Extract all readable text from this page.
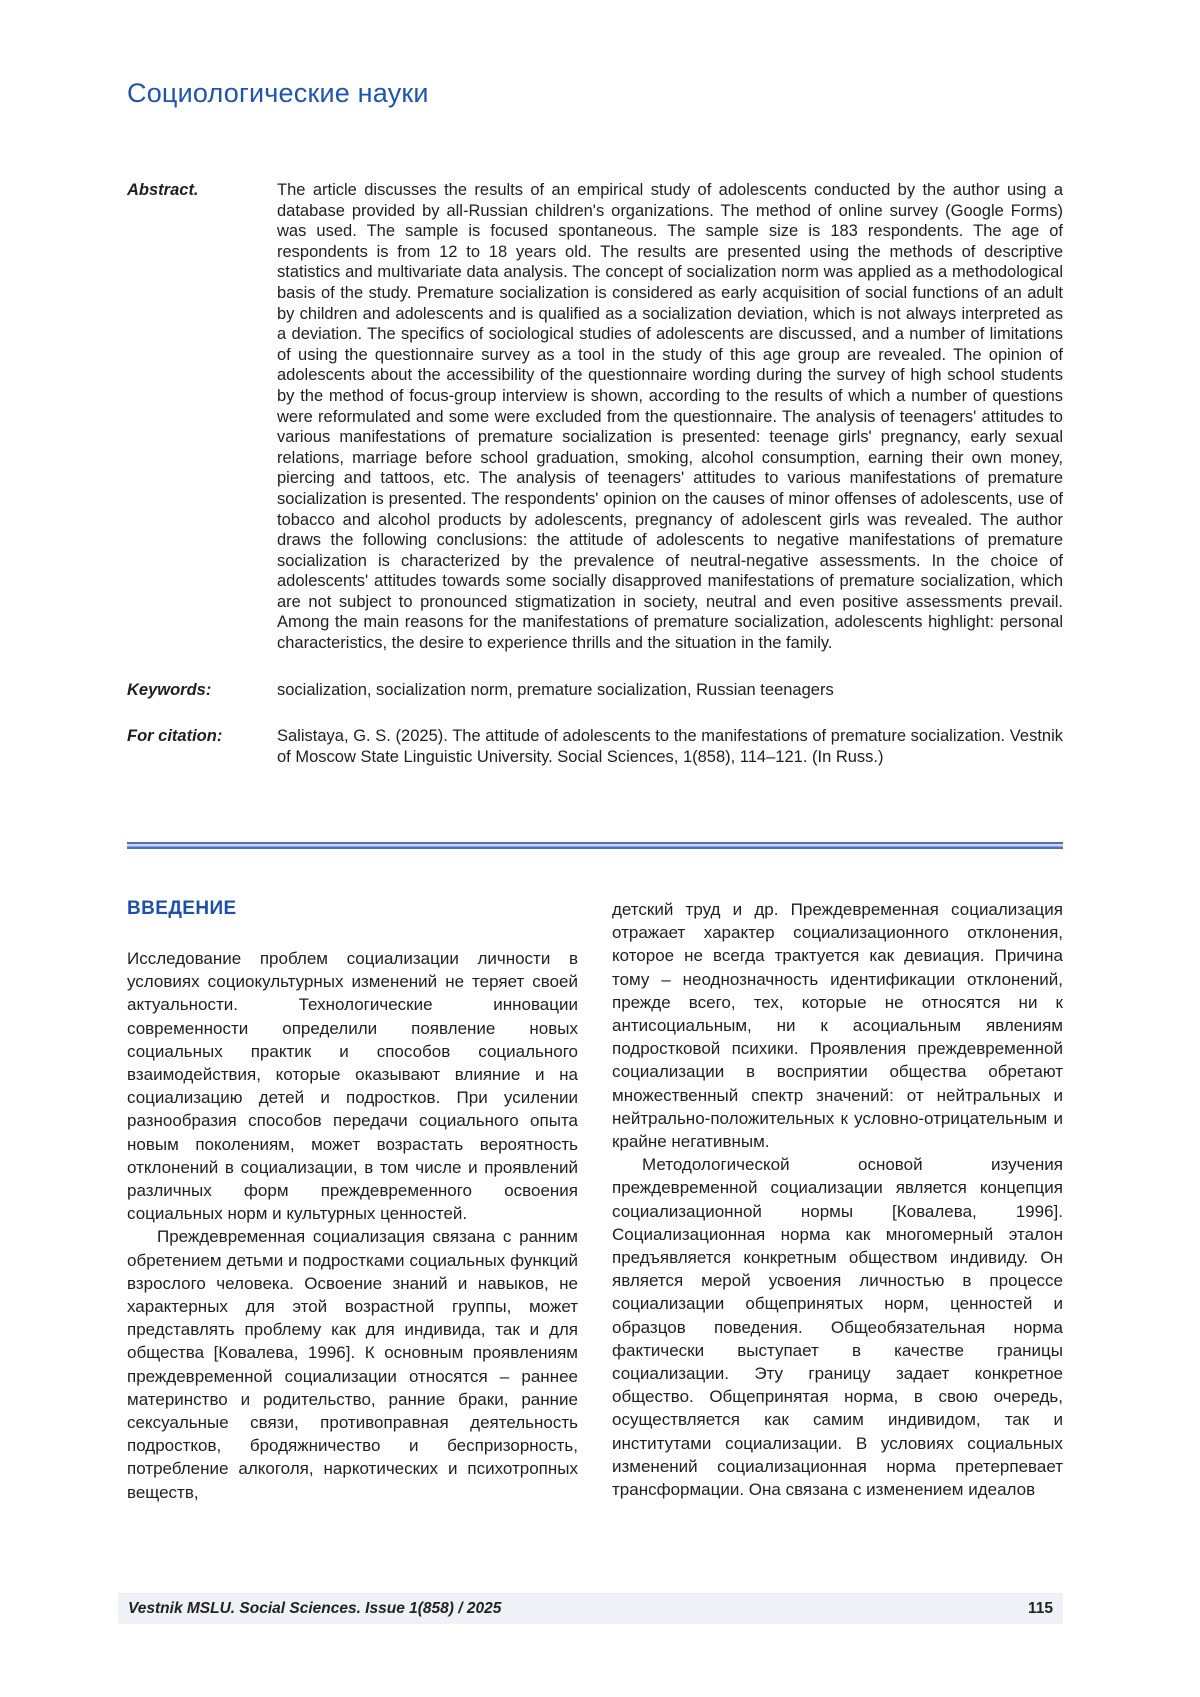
Социологические науки
Abstract.	The article discusses the results of an empirical study of adolescents conducted by the author using a database provided by all-Russian children's organizations. The method of online survey (Google Forms) was used. The sample is focused spontaneous. The sample size is 183 respondents. The age of respondents is from 12 to 18 years old. The results are presented using the methods of descriptive statistics and multivariate data analysis. The concept of socialization norm was applied as a methodological basis of the study. Premature socialization is considered as early acquisition of social functions of an adult by children and adolescents and is qualified as a socialization deviation, which is not always interpreted as a deviation. The specifics of sociological studies of adolescents are discussed, and a number of limitations of using the questionnaire survey as a tool in the study of this age group are revealed. The opinion of adolescents about the accessibility of the questionnaire wording during the survey of high school students by the method of focus-group interview is shown, according to the results of which a number of questions were reformulated and some were excluded from the questionnaire. The analysis of teenagers' attitudes to various manifestations of premature socialization is presented: teenage girls' pregnancy, early sexual relations, marriage before school graduation, smoking, alcohol consumption, earning their own money, piercing and tattoos, etc. The analysis of teenagers' attitudes to various manifestations of premature socialization is presented. The respondents' opinion on the causes of minor offenses of adolescents, use of tobacco and alcohol products by adolescents, pregnancy of adolescent girls was revealed. The author draws the following conclusions: the attitude of adolescents to negative manifestations of premature socialization is characterized by the prevalence of neutral-negative assessments. In the choice of adolescents' attitudes towards some socially disapproved manifestations of premature socialization, which are not subject to pronounced stigmatization in society, neutral and even positive assessments prevail. Among the main reasons for the manifestations of premature socialization, adolescents highlight: personal characteristics, the desire to experience thrills and the situation in the family.
Keywords:	socialization, socialization norm, premature socialization, Russian teenagers
For citation:	Salistaya, G. S. (2025). The attitude of adolescents to the manifestations of premature socialization. Vestnik of Moscow State Linguistic University. Social Sciences, 1(858), 114–121. (In Russ.)
ВВЕДЕНИЕ

Исследование проблем социализации личности в условиях социокультурных изменений не теряет своей актуальности. Технологические инновации современности определили появление новых социальных практик и способов социального взаимодействия, которые оказывают влияние и на социализацию детей и подростков. При усилении разнообразия способов передачи социального опыта новым поколениям, может возрастать вероятность отклонений в социализации, в том числе и проявлений различных форм преждевременного освоения социальных норм и культурных ценностей.

Преждевременная социализация связана с ранним обретением детьми и подростками социальных функций взрослого человека. Освоение знаний и навыков, не характерных для этой возрастной группы, может представлять проблему как для индивида, так и для общества [Ковалева, 1996]. К основным проявлениям преждевременной социализации относятся – раннее материнство и родительство, ранние браки, ранние сексуальные связи, противоправная деятельность подростков, бродяжничество и беспризорность, потребление алкоголя, наркотических и психотропных веществ,

детский труд и др. Преждевременная социализация отражает характер социализационного отклонения, которое не всегда трактуется как девиация. Причина тому – неоднозначность идентификации отклонений, прежде всего, тех, которые не относятся ни к антисоциальным, ни к асоциальным явлениям подростковой психики. Проявления преждевременной социализации в восприятии общества обретают множественный спектр значений: от нейтральных и нейтрально-положительных к условно-отрицательным и крайне негативным.

Методологической основой изучения преждевременной социализации является концепция социализационной нормы [Ковалева, 1996]. Социализационная норма как многомерный эталон предъявляется конкретным обществом индивиду. Он является мерой усвоения личностью в процессе социализации общепринятых норм, ценностей и образцов поведения. Общеобязательная норма фактически выступает в качестве границы социализации. Эту границу задает конкретное общество. Общепринятая норма, в свою очередь, осуществляется как самим индивидом, так и институтами социализации. В условиях социальных изменений социализационная норма претерпевает трансформации. Она связана с изменением идеалов

Vestnik MSLU. Social Sciences. Issue 1(858) / 2025	115
